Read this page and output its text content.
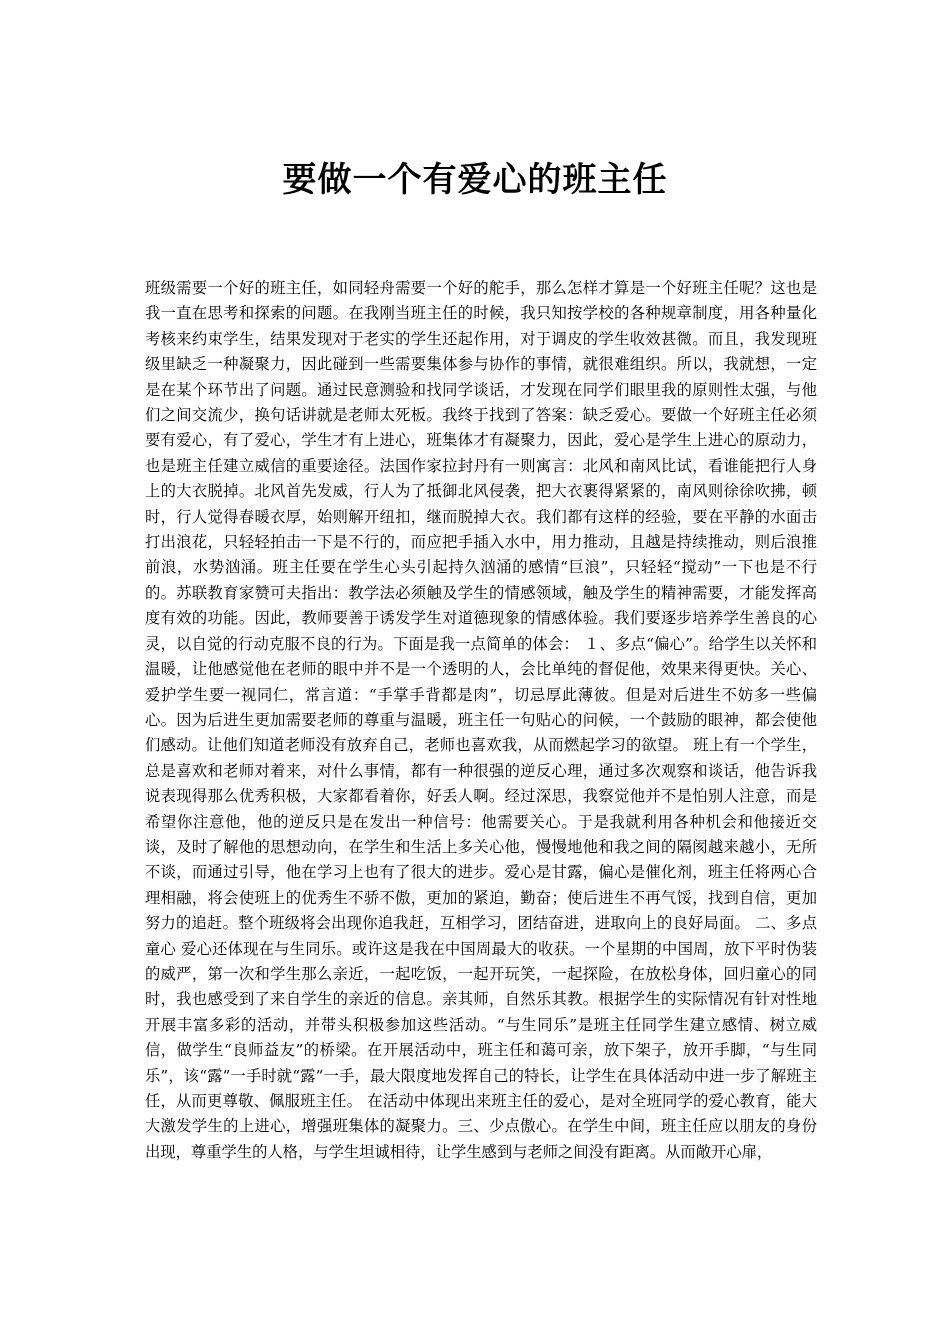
要做一个有爱心的班主任

班级需要一个好的班主任，如同轻舟需要一个好的舵手，那么怎样才算是一个好班主任呢？这也是我一直在思考和探索的问题。在我刚当班主任的时候，我只知按学校的各种规章制度，用各种量化考核来约束学生，结果发现对于老实的学生还起作用，对于调皮的学生收效甚微。而且，我发现班级里缺乏一种凝聚力，因此碰到一些需要集体参与协作的事情，就很难组织。所以，我就想，一定是在某个环节出了问题。通过民意测验和找同学谈话，才发现在同学们眼里我的原则性太强，与他们之间交流少，换句话讲就是老师太死板。我终于找到了答案：缺乏爱心。要做一个好班主任必须要有爱心，有了爱心，学生才有上进心，班集体才有凝聚力，因此，爱心是学生上进心的原动力，也是班主任建立威信的重要途径。法国作家拉封丹有一则寓言：北风和南风比试，看谁能把行人身上的大衣脱掉。北风首先发威，行人为了抵御北风侵袭，把大衣裹得紧紧的，南风则徐徐吹拂，顿时，行人觉得春暖衣厚，始则解开纽扣，继而脱掉大衣。我们都有这样的经验，要在平静的水面击打出浪花，只轻轻拍击一下是不行的，而应把手插入水中，用力推动，且越是持续推动，则后浪推前浪，水势汹涌。班主任要在学生心头引起持久汹涌的感情“巨浪”，只轻轻“搅动”一下也是不行的。苏联教育家赞可夫指出：教学法必须触及学生的情感领域，触及学生的精神需要，才能发挥高度有效的功能。因此，教师要善于诱发学生对道德现象的情感体验。我们要逐步培养学生善良的心灵，以自觉的行动克服不良的行为。下面是我一点简单的体会： １、多点“偏心”。给学生以关怀和温暖，让他感觉他在老师的眼中并不是一个透明的人，会比单纯的督促他，效果来得更快。关心、爱护学生要一视同仁，常言道：“手掌手背都是肉”，切忌厚此薄彼。但是对后进生不妨多一些偏心。因为后进生更加需要老师的尊重与温暖，班主任一句贴心的问候，一个鼓励的眼神，都会使他们感动。让他们知道老师没有放弃自己，老师也喜欢我，从而燃起学习的欲望。 班上有一个学生，总是喜欢和老师对着来，对什么事情，都有一种很强的逆反心理，通过多次观察和谈话，他告诉我说表现得那么优秀积极，大家都看着你，好丢人啊。经过深思，我察觉他并不是怕别人注意，而是希望你注意他，他的逆反只是在发出一种信号：他需要关心。于是我就利用各种机会和他接近交谈，及时了解他的思想动向，在学生和生活上多关心他，慢慢地他和我之间的隔阂越来越小，无所不谈，而通过引导，他在学习上也有了很大的进步。爱心是甘露，偏心是催化剂，班主任将两心合理相融，将会使班上的优秀生不骄不傲，更加的紧迫，勤奋；使后进生不再气馁，找到自信，更加努力的追赶。整个班级将会出现你追我赶，互相学习，团结奋进，进取向上的良好局面。 二、多点童心 爱心还体现在与生同乐。或许这是我在中国周最大的收获。一个星期的中国周，放下平时伪装的威严，第一次和学生那么亲近，一起吃饭，一起开玩笑，一起探险，在放松身体，回归童心的同时，我也感受到了来自学生的亲近的信息。亲其师，自然乐其教。根据学生的实际情况有针对性地开展丰富多彩的活动，并带头积极参加这些活动。“与生同乐”是班主任同学生建立感情、树立威信，做学生“良师益友”的桥梁。在开展活动中，班主任和蔼可亲，放下架子，放开手脚，“与生同乐”，该“露”一手时就“露”一手，最大限度地发挥自己的特长，让学生在具体活动中进一步了解班主任，从而更尊敬、佩服班主任。 在活动中体现出来班主任的爱心，是对全班同学的爱心教育，能大大激发学生的上进心，增强班集体的凝聚力。三、少点傲心。在学生中间，班主任应以朋友的身份出现，尊重学生的人格，与学生坦诚相待，让学生感到与老师之间没有距离。从而敞开心扉，
